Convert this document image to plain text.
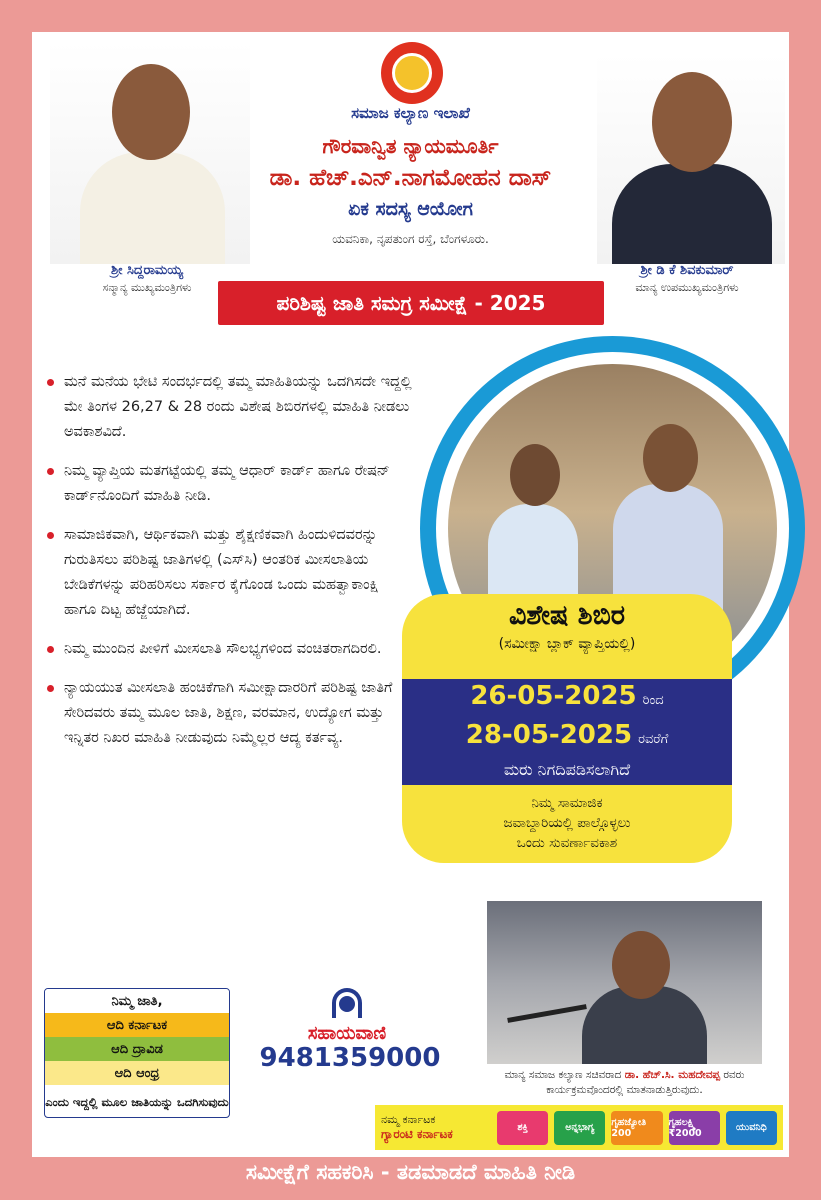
ಸಮಾಜ ಕಲ್ಯಾಣ ಇಲಾಖೆ
ಗೌರವಾನ್ವಿತ ನ್ಯಾಯಮೂರ್ತಿ
ಡಾ. ಹೆಚ್.ಎನ್.ನಾಗಮೋಹನ ದಾಸ್
ಏಕ ಸದಸ್ಯ ಆಯೋಗ
ಯವನಿಕಾ, ನೃಪತುಂಗ ರಸ್ತೆ, ಬೆಂಗಳೂರು.
ಶ್ರೀ ಸಿದ್ದರಾಮಯ್ಯ
ಸನ್ಮಾನ್ಯ ಮುಖ್ಯಮಂತ್ರಿಗಳು
ಶ್ರೀ ಡಿ ಕೆ ಶಿವಕುಮಾರ್
ಮಾನ್ಯ ಉಪಮುಖ್ಯಮಂತ್ರಿಗಳು
ಪರಿಶಿಷ್ಟ ಜಾತಿ ಸಮಗ್ರ ಸಮೀಕ್ಷೆ - 2025
ಮನೆ ಮನೆಯ ಭೇಟಿ ಸಂದರ್ಭದಲ್ಲಿ ತಮ್ಮ ಮಾಹಿತಿಯನ್ನು ಒದಗಿಸದೇ ಇದ್ದಲ್ಲಿ ಮೇ ತಿಂಗಳ 26,27 & 28 ರಂದು ವಿಶೇಷ ಶಿಬಿರಗಳಲ್ಲಿ ಮಾಹಿತಿ ನೀಡಲು ಅವಕಾಶವಿದೆ.
ನಿಮ್ಮ ವ್ಯಾಪ್ತಿಯ ಮತಗಟ್ಟೆಯಲ್ಲಿ ತಮ್ಮ ಆಧಾರ್ ಕಾರ್ಡ್ ಹಾಗೂ ರೇಷನ್ ಕಾರ್ಡ್‌ನೊಂದಿಗೆ ಮಾಹಿತಿ ನೀಡಿ.
ಸಾಮಾಜಿಕವಾಗಿ, ಆರ್ಥಿಕವಾಗಿ ಮತ್ತು ಶೈಕ್ಷಣಿಕವಾಗಿ ಹಿಂದುಳಿದವರನ್ನು ಗುರುತಿಸಲು ಪರಿಶಿಷ್ಟ ಜಾತಿಗಳಲ್ಲಿ (ಎಸ್‌ಸಿ) ಆಂತರಿಕ ಮೀಸಲಾತಿಯ ಬೇಡಿಕೆಗಳನ್ನು ಪರಿಹರಿಸಲು ಸರ್ಕಾರ ಕೈಗೊಂಡ ಒಂದು ಮಹತ್ವಾಕಾಂಕ್ಷಿ ಹಾಗೂ ದಿಟ್ಟ ಹೆಜ್ಜೆಯಾಗಿದೆ.
ನಿಮ್ಮ ಮುಂದಿನ ಪೀಳಿಗೆ ಮೀಸಲಾತಿ ಸೌಲಭ್ಯಗಳಿಂದ ವಂಚಿತರಾಗದಿರಲಿ.
ನ್ಯಾಯಯುತ ಮೀಸಲಾತಿ ಹಂಚಿಕೆಗಾಗಿ ಸಮೀಕ್ಷಾದಾರರಿಗೆ ಪರಿಶಿಷ್ಟ ಜಾತಿಗೆ ಸೇರಿದವರು ತಮ್ಮ ಮೂಲ ಜಾತಿ, ಶಿಕ್ಷಣ, ವರಮಾನ, ಉದ್ಯೋಗ ಮತ್ತು ಇನ್ನಿತರ ನಿಖರ ಮಾಹಿತಿ ನೀಡುವುದು ನಿಮ್ಮೆಲ್ಲರ ಆದ್ಯ ಕರ್ತವ್ಯ.
ವಿಶೇಷ ಶಿಬಿರ
(ಸಮೀಕ್ಷಾ ಬ್ಲಾಕ್ ವ್ಯಾಪ್ತಿಯಲ್ಲಿ)
26-05-2025 ರಿಂದ
28-05-2025 ರವರೆಗೆ
ಮರು ನಿಗದಿಪಡಿಸಲಾಗಿದೆ
ನಿಮ್ಮ ಸಾಮಾಜಿಕ
ಜವಾಬ್ದಾರಿಯಲ್ಲಿ ಪಾಲ್ಗೊಳ್ಳಲು
ಒಂದು ಸುವರ್ಣಾವಕಾಶ
ನಿಮ್ಮ ಜಾತಿ,
ಆದಿ ಕರ್ನಾಟಕ
ಆದಿ ದ್ರಾವಿಡ
ಆದಿ ಆಂಧ್ರ
ಎಂದು ಇದ್ದಲ್ಲಿ ಮೂಲ ಜಾತಿಯನ್ನು ಒದಗಿಸುವುದು
ಸಹಾಯವಾಣಿ
9481359000
ಮಾನ್ಯ ಸಮಾಜ ಕಲ್ಯಾಣ ಸಚಿವರಾದ ಡಾ. ಹೆಚ್.ಸಿ. ಮಹದೇವಪ್ಪ ರವರು
ಕಾರ್ಯಕ್ರಮವೊಂದರಲ್ಲಿ ಮಾತನಾಡುತ್ತಿರುವುದು.
ನಮ್ಮ ಕರ್ನಾಟಕ
ಗ್ಯಾರಂಟಿ ಕರ್ನಾಟಕ	ಶಕ್ತಿ	ಅನ್ನಭಾಗ್ಯ	ಗೃಹಜ್ಯೋತಿ 200
ಗೃಹಲಕ್ಷ್ಮಿ ₹2000	ಯುವನಿಧಿ
ಸಮೀಕ್ಷೆಗೆ ಸಹಕರಿಸಿ - ತಡಮಾಡದೆ ಮಾಹಿತಿ ನೀಡಿ
